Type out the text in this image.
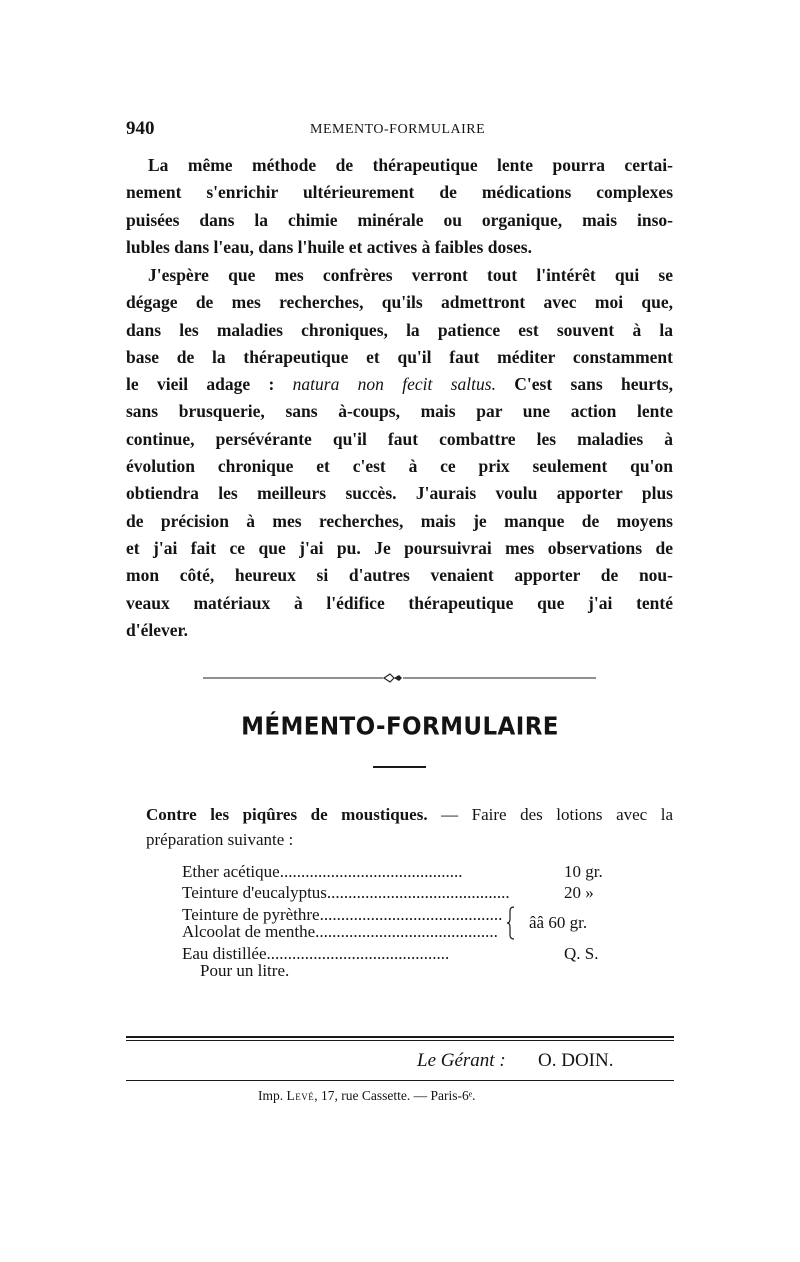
940	MEMENTO-FORMULAIRE
La même méthode de thérapeutique lente pourra certai-
nement s'enrichir ultérieurement de médications complexes
puisées dans la chimie minérale ou organique, mais inso-
lubles dans l'eau, dans l'huile et actives à faibles doses.
J'espère que mes confrères verront tout l'intérêt qui se
dégage de mes recherches, qu'ils admettront avec moi que,
dans les maladies chroniques, la patience est souvent à la
base de la thérapeutique et qu'il faut méditer constamment
le vieil adage : natura non fecit saltus. C'est sans heurts,
sans brusquerie, sans à-coups, mais par une action lente
continue, persévérante qu'il faut combattre les maladies à
évolution chronique et c'est à ce prix seulement qu'on
obtiendra les meilleurs succès. J'aurais voulu apporter plus
de précision à mes recherches, mais je manque de moyens
et j'ai fait ce que j'ai pu. Je poursuivrai mes observations de
mon côté, heureux si d'autres venaient apporter de nou-
veaux matériaux à l'édifice thérapeutique que j'ai tenté
d'élever.
MÉMENTO-FORMULAIRE
Contre les piqûres de moustiques. — Faire des lotions avec la
préparation suivante :
Ether acétique...........................................	10 gr.
Teinture d'eucalyptus...........................................	20 »
Teinture de pyrèthre...........................................
Alcoolat de menthe........................................... ââ 60 gr.
Eau distillée...........................................	Q. S.
Pour un litre.
Le Gérant : O. DOIN.
Imp. Levé, 17, rue Cassette. — Paris-6ᵉ.
